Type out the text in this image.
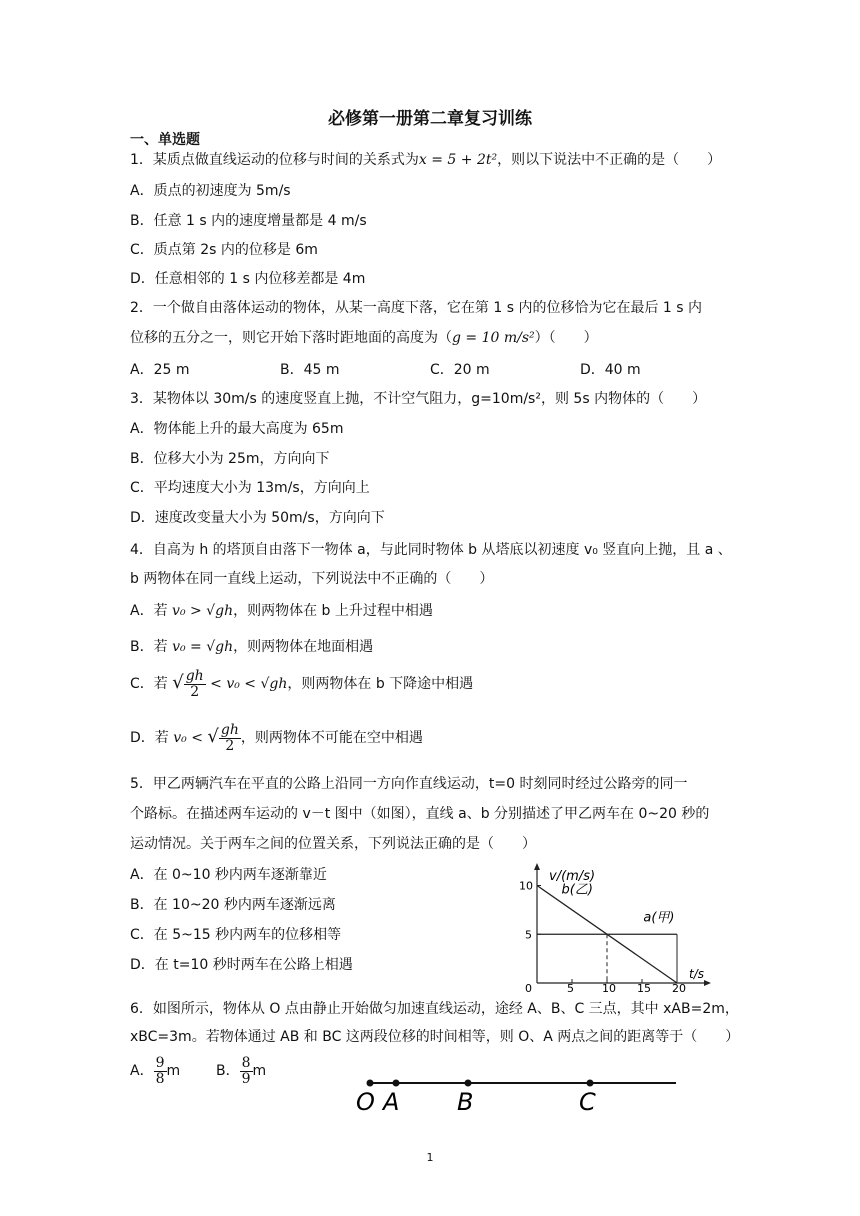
必修第一册第二章复习训练
一、单选题
1．某质点做直线运动的位移与时间的关系式为x = 5 + 2t²，则以下说法中不正确的是（　　）
A．质点的初速度为 5m/s
B．任意 1 s 内的速度增量都是 4 m/s
C．质点第 2s 内的位移是 6m
D．任意相邻的 1 s 内位移差都是 4m
2．一个做自由落体运动的物体，从某一高度下落，它在第 1 s 内的位移恰为它在最后 1 s 内
位移的五分之一，则它开始下落时距地面的高度为（g = 10 m/s²）（　　）
A．25 m	B．45 m	C．20 m	D．40 m
3．某物体以 30m/s 的速度竖直上抛，不计空气阻力，g=10m/s²，则 5s 内物体的（　　）
A．物体能上升的最大高度为 65m
B．位移大小为 25m，方向向下
C．平均速度大小为 13m/s，方向向上
D．速度改变量大小为 50m/s，方向向下
4．自高为 h 的塔顶自由落下一物体 a，与此同时物体 b 从塔底以初速度 v₀ 竖直向上抛，且 a 、
b 两物体在同一直线上运动，下列说法中不正确的（　　）
A．若 v₀ > √gh，则两物体在 b 上升过程中相遇
B．若 v₀ = √gh，则两物体在地面相遇
C．若 √ $\frac{gh}{2} < v_0 < √gh$，则两物体在 b 下降途中相遇
D．若 v₀ < √ $\frac{gh}{2}$ ，则两物体不可能在空中相遇
5．甲乙两辆汽车在平直的公路上沿同一方向作直线运动，t=0 时刻同时经过公路旁的同一
个路标。在描述两车运动的 v－t 图中（如图），直线 a、b 分别描述了甲乙两车在 0~20 秒的
运动情况。关于两车之间的位置关系，下列说法正确的是（　　）
A．在 0~10 秒内两车逐渐靠近
B．在 10~20 秒内两车逐渐远离
C．在 5~15 秒内两车的位移相等
D．在 t=10 秒时两车在公路上相遇
v/(m/s)
t/s
0	5	10 15 20
5
10 b(乙)
a(甲)
6．如图所示，物体从 O 点由静止开始做匀加速直线运动，途经 A、B、C 三点，其中 xAB=2m，
xBC=3m。若物体通过 AB 和 BC 这两段位移的时间相等，则 O、A 两点之间的距离等于（　　）
A． $\frac{9}{8}$ m	B． $\frac{8}{9}$ m
O A B	C
1
